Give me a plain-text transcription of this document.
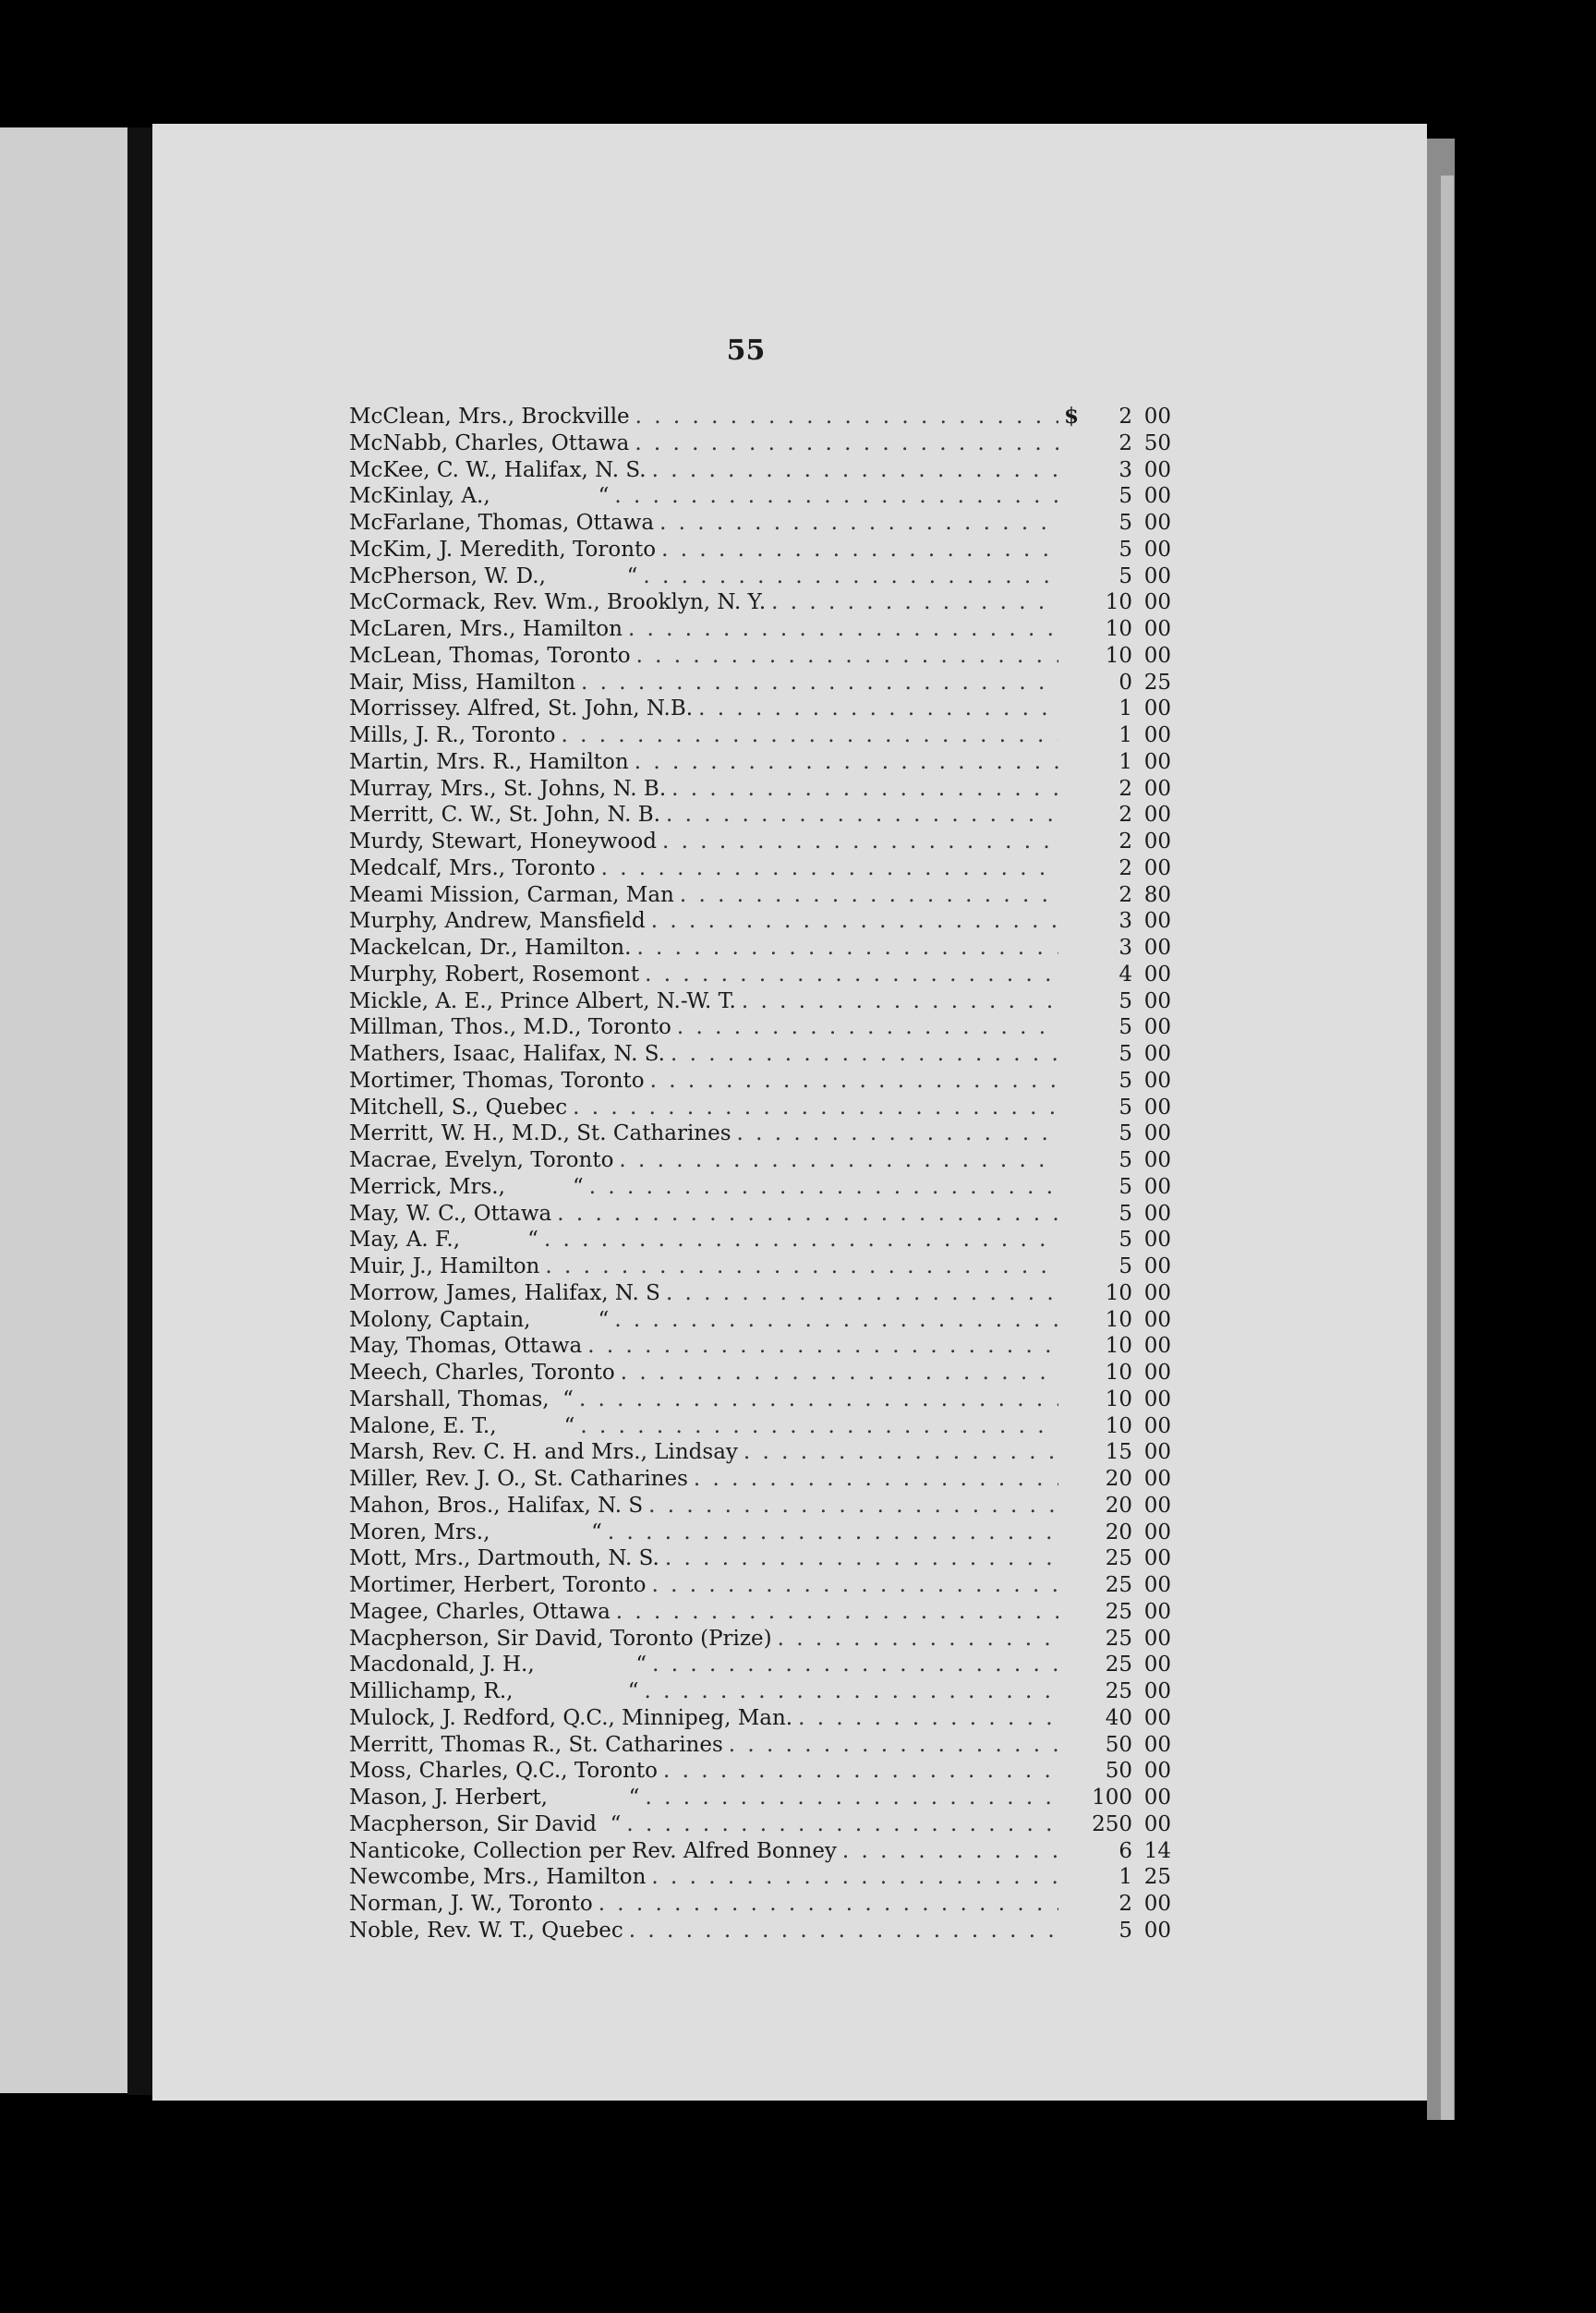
55
McClean, Mrs., Brockville . . .	$	2 00
McNabb, Charles, Ottawa . . .	2 50
McKee, C. W., Halifax, N. S. . . .	3 00
McKinlay, A.,                “ . . .	5 00
McFarlane, Thomas, Ottawa . . .	5 00
McKim, J. Meredith, Toronto . . .	5 00
McPherson, W. D.,            “ . . .	5 00
McCormack, Rev. Wm., Brooklyn, N. Y. . . .	10 00
McLaren, Mrs., Hamilton . . .	10 00
McLean, Thomas, Toronto . . .	10 00
Mair, Miss, Hamilton . . .	0 25
Morrissey. Alfred, St. John, N.B. . . .	1 00
Mills, J. R., Toronto . . .	1 00
Martin, Mrs. R., Hamilton . . .	1 00
Murray, Mrs., St. Johns, N. B. . . .	2 00
Merritt, C. W., St. John, N. B. . . .	2 00
Murdy, Stewart, Honeywood . . .	2 00
Medcalf, Mrs., Toronto . . .	2 00
Meami Mission, Carman, Man . . .	2 80
Murphy, Andrew, Mansfield . . .	3 00
Mackelcan, Dr., Hamilton. . . .	3 00
Murphy, Robert, Rosemont . . .	4 00
Mickle, A. E., Prince Albert, N.-W. T. . . .	5 00
Millman, Thos., M.D., Toronto . . .	5 00
Mathers, Isaac, Halifax, N. S. . . .	5 00
Mortimer, Thomas, Toronto . . .	5 00
Mitchell, S., Quebec . . .	5 00
Merritt, W. H., M.D., St. Catharines . . .	5 00
Macrae, Evelyn, Toronto . . .	5 00
Merrick, Mrs.,          “ . . .	5 00
May, W. C., Ottawa . . .	5 00
May, A. F.,          “ . . .	5 00
Muir, J., Hamilton . . .	5 00
Morrow, James, Halifax, N. S . . .	10 00
Molony, Captain,          “ . . .	10 00
May, Thomas, Ottawa . . .	10 00
Meech, Charles, Toronto . . .	10 00
Marshall, Thomas,  “ . . .	10 00
Malone, E. T.,          “ . . .	10 00
Marsh, Rev. C. H. and Mrs., Lindsay . . .	15 00
Miller, Rev. J. O., St. Catharines . . .	20 00
Mahon, Bros., Halifax, N. S . . .	20 00
Moren, Mrs.,               “ . . .	20 00
Mott, Mrs., Dartmouth, N. S. . . .	25 00
Mortimer, Herbert, Toronto . . .	25 00
Magee, Charles, Ottawa . . .	25 00
Macpherson, Sir David, Toronto (Prize) . . .	25 00
Macdonald, J. H.,               “ . . .	25 00
Millichamp, R.,                 “ . . .	25 00
Mulock, J. Redford, Q.C., Minnipeg, Man. . . .	40 00
Merritt, Thomas R., St. Catharines . . .	50 00
Moss, Charles, Q.C., Toronto . . .	50 00
Mason, J. Herbert,            “ . . .	100 00
Macpherson, Sir David  “ . . .	250 00
Nanticoke, Collection per Rev. Alfred Bonney . . .	6 14
Newcombe, Mrs., Hamilton . . .	1 25
Norman, J. W., Toronto . . .	2 00
Noble, Rev. W. T., Quebec . . .	5 00
